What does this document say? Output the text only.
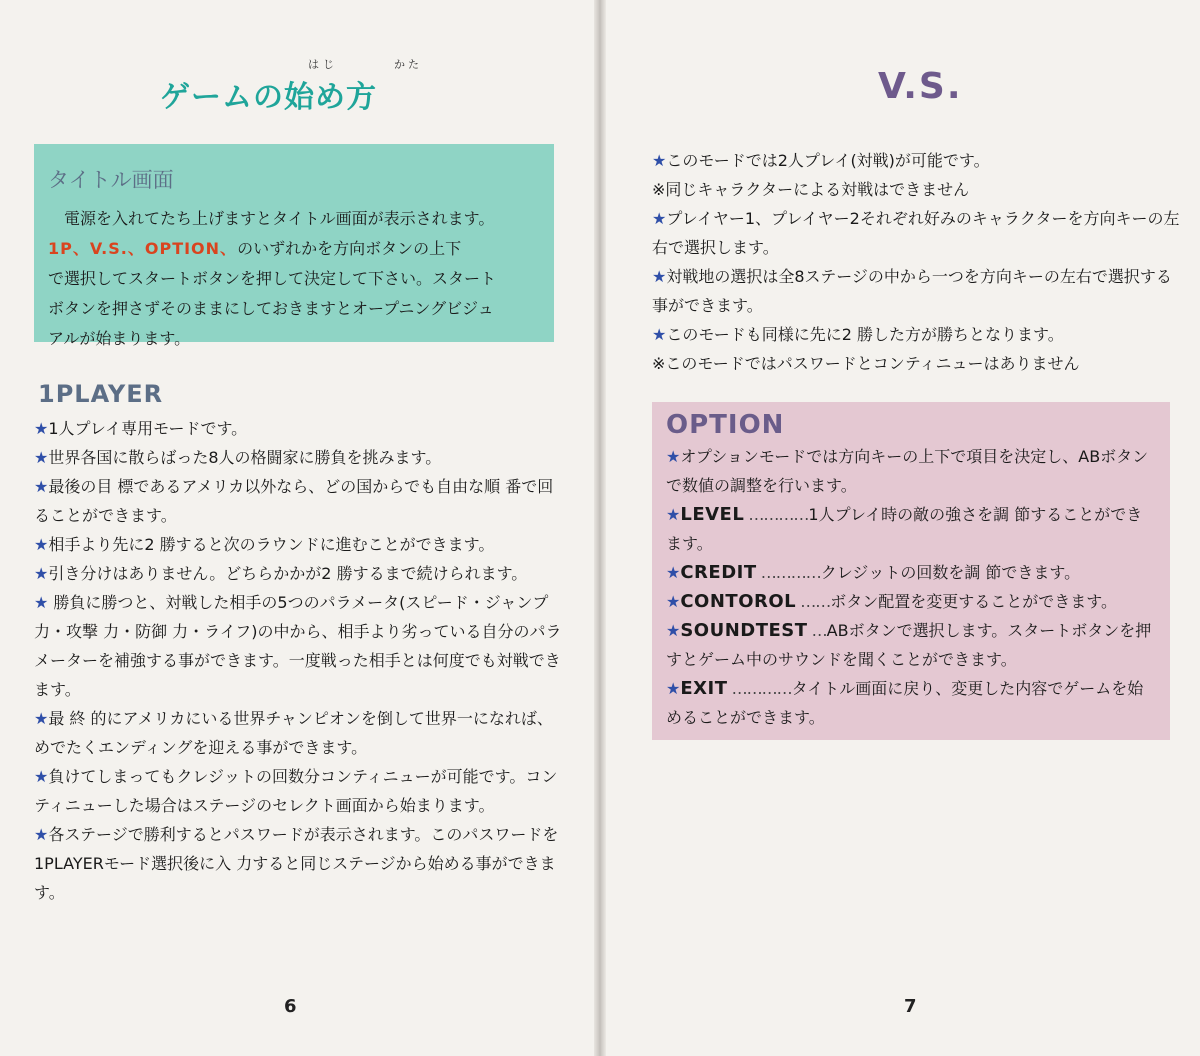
はじ	かた
ゲームの始め方
タイトル画面
電源を入れてたち上げますとタイトル画面が表示されます。
1P、V.S.、OPTION、のいずれかを方向ボタンの上下
で選択してスタートボタンを押して決定して下さい。スタート
ボタンを押さずそのままにしておきますとオープニングビジュ
アルが始まります。
1PLAYER
★1人プレイ専用モードです。
★世界各国に散らばった8人の格闘家に勝負を挑みます。
★最後の目 標であるアメリカ以外なら、どの国からでも自由な順 番で回ることができます。
★相手より先に2 勝すると次のラウンドに進むことができます。
★引き分けはありません。どちらかかが2 勝するまで続けられます。
★ 勝負に勝つと、対戦した相手の5つのパラメータ(スピード・ジャンプ力・攻撃 力・防御 力・ライフ)の中から、相手より劣っている自分のパラメーターを補強する事ができます。一度戦った相手とは何度でも対戦できます。
★最 終 的にアメリカにいる世界チャンピオンを倒して世界一になれば、めでたくエンディングを迎える事ができます。
★負けてしまってもクレジットの回数分コンティニューが可能です。コンティニューした場合はステージのセレクト画面から始まります。
★各ステージで勝利するとパスワードが表示されます。このパスワードを1PLAYERモード選択後に入 力すると同じステージから始める事ができます。
6
V.S.
★このモードでは2人プレイ(対戦)が可能です。
※同じキャラクターによる対戦はできません
★プレイヤー1、プレイヤー2それぞれ好みのキャラクターを方向キーの左右で選択します。
★対戦地の選択は全8ステージの中から一つを方向キーの左右で選択する事ができます。
★このモードも同様に先に2 勝した方が勝ちとなります。
※このモードではパスワードとコンティニューはありません
OPTION
★オプションモードでは方向キーの上下で項目を決定し、ABボタンで数値の調整を行います。
★LEVEL …………1人プレイ時の敵の強さを調 節することができます。
★CREDIT …………クレジットの回数を調 節できます。
★CONTOROL ……ボタン配置を変更することができます。
★SOUNDTEST …ABボタンで選択します。スタートボタンを押すとゲーム中のサウンドを聞くことができます。
★EXIT …………タイトル画面に戻り、変更した内容でゲームを始めることができます。
7
